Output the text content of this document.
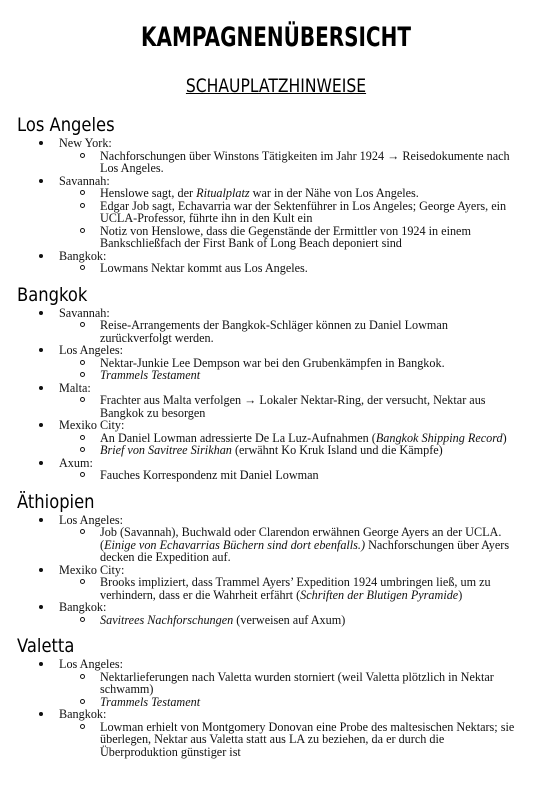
KAMPAGNENÜBERSICHT
SCHAUPLATZHINWEISE
Los Angeles
New York:
Nachforschungen über Winstons Tätigkeiten im Jahr 1924 → Reisedokumente nach Los Angeles.
Savannah:
Henslowe sagt, der Ritualplatz war in der Nähe von Los Angeles.
Edgar Job sagt, Echavarria war der Sektenführer in Los Angeles; George Ayers, ein UCLA-Professor, führte ihn in den Kult ein
Notiz von Henslowe, dass die Gegenstände der Ermittler von 1924 in einem Bankschließfach der First Bank of Long Beach deponiert sind
Bangkok:
Lowmans Nektar kommt aus Los Angeles.
Bangkok
Savannah:
Reise-Arrangements der Bangkok-Schläger können zu Daniel Lowman zurückverfolgt werden.
Los Angeles:
Nektar-Junkie Lee Dempson war bei den Grubenkämpfen in Bangkok.
Trammels Testament
Malta:
Frachter aus Malta verfolgen → Lokaler Nektar-Ring, der versucht, Nektar aus Bangkok zu besorgen
Mexiko City:
An Daniel Lowman adressierte De La Luz-Aufnahmen (Bangkok Shipping Record)
Brief von Savitree Sirikhan (erwähnt Ko Kruk Island und die Kämpfe)
Axum:
Fauches Korrespondenz mit Daniel Lowman
Äthiopien
Los Angeles:
Job (Savannah), Buchwald oder Clarendon erwähnen George Ayers an der UCLA. (Einige von Echavarrias Büchern sind dort ebenfalls.) Nachforschungen über Ayers decken die Expedition auf.
Mexiko City:
Brooks impliziert, dass Trammel Ayers’ Expedition 1924 umbringen ließ, um zu verhindern, dass er die Wahrheit erfährt (Schriften der Blutigen Pyramide)
Bangkok:
Savitrees Nachforschungen (verweisen auf Axum)
Valetta
Los Angeles:
Nektarlieferungen nach Valetta wurden storniert (weil Valetta plötzlich in Nektar schwamm)
Trammels Testament
Bangkok:
Lowman erhielt von Montgomery Donovan eine Probe des maltesischen Nektars; sie überlegen, Nektar aus Valetta statt aus LA zu beziehen, da er durch die Überproduktion günstiger ist
